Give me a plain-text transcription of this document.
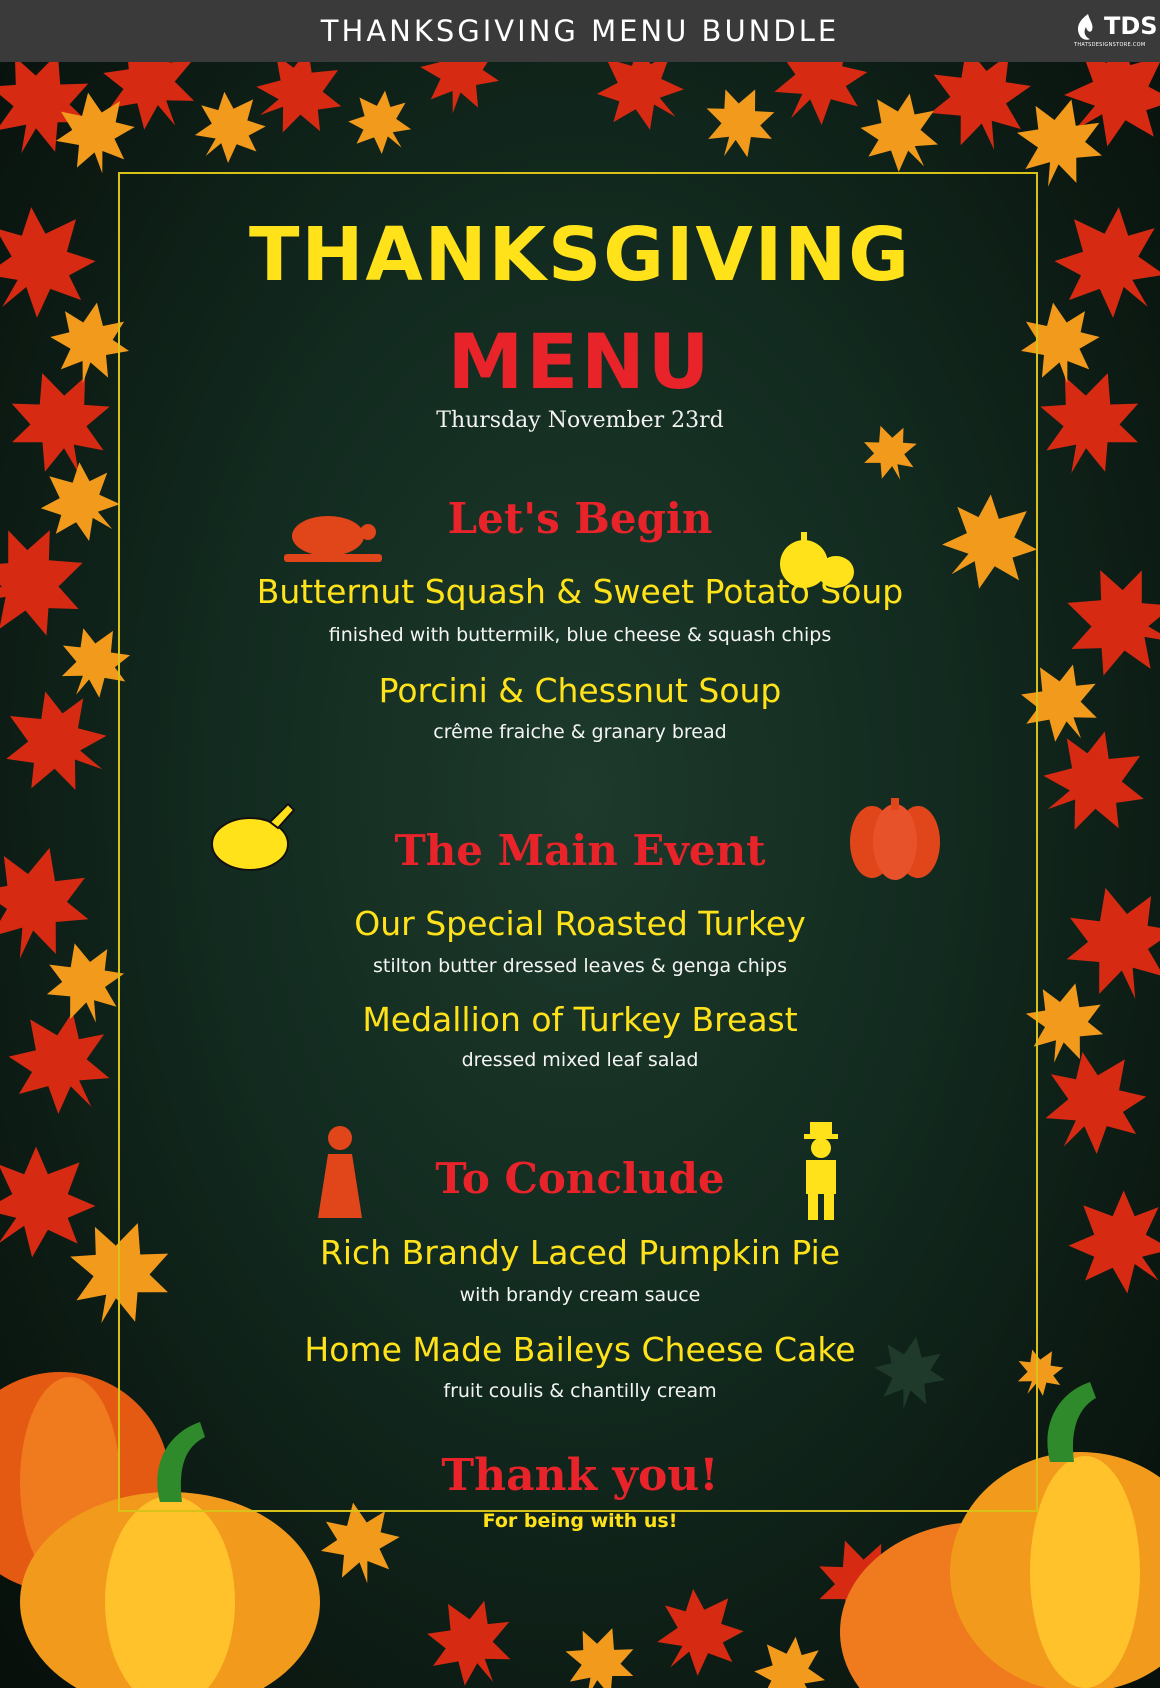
THANKSGIVING MENU BUNDLE	TDS
THATSDESIGNSTORE.COM
THANKSGIVING
MENU
Thursday November 23rd
Let's Begin
Butternut Squash & Sweet Potato Soup
finished with buttermilk, blue cheese & squash chips
Porcini & Chessnut Soup
crême fraiche & granary bread
The Main Event
Our Special Roasted Turkey
stilton butter dressed leaves & genga chips
Medallion of Turkey Breast
dressed mixed leaf salad
To Conclude
Rich Brandy Laced Pumpkin Pie
with brandy cream sauce
Home Made Baileys Cheese Cake
fruit coulis & chantilly cream
Thank you!
For being with us!
